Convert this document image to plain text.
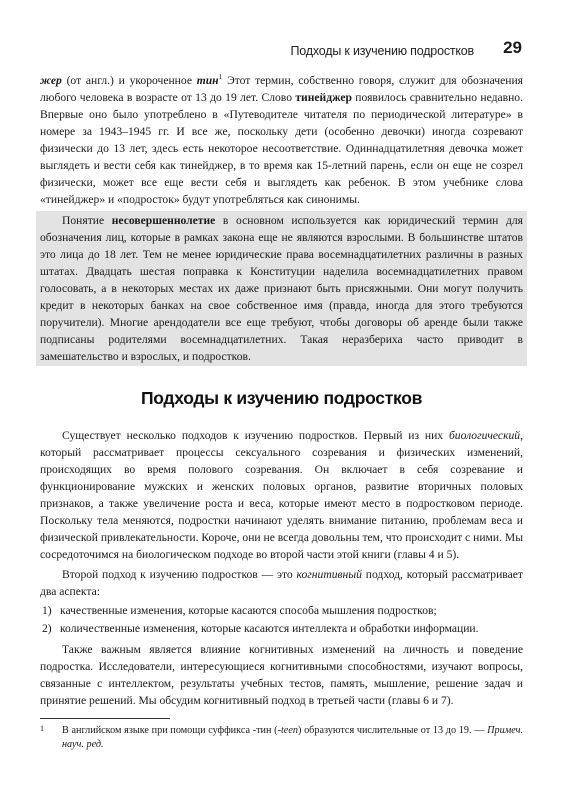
Подходы к изучению подростков 29

жер (от англ.) и укороченное тин$^1$ Этот термин, собственно говоря, служит для обозначения любого человека в возрасте от 13 до 19 лет. Слово тинейджер появилось сравнительно недавно. Впервые оно было употреблено в «Путеводителе читателя по периодической литературе» в номере за 1943–1945 гг. И все же, поскольку дети (особенно девочки) иногда созревают физически до 13 лет, здесь есть некоторое несоответствие. Одиннадцатилетняя девочка может выглядеть и вести себя как тинейджер, в то время как 15-летний парень, если он еще не созрел физически, может все еще вести себя и выглядеть как ребенок. В этом учебнике слова «тинейджер» и «подросток» будут употребляться как синонимы.

Понятие несовершеннолетие в основном используется как юридический термин для обозначения лиц, которые в рамках закона еще не являются взрослыми. В большинстве штатов это лица до 18 лет. Тем не менее юридические права восемнадцатилетних различны в разных штатах. Двадцать шестая поправка к Конституции наделила восемнадцатилетних правом голосовать, а в некоторых местах их даже признают быть присяжными. Они могут получить кредит в некоторых банках на свое собственное имя (правда, иногда для этого требуются поручители). Многие арендодатели все еще требуют, чтобы договоры об аренде были также подписаны родителями восемнадцатилетних. Такая неразбериха часто приводит в замешательство и взрослых, и подростков.

Подходы к изучению подростков

Существует несколько подходов к изучению подростков. Первый из них биологический, который рассматривает процессы сексуального созревания и физических изменений, происходящих во время полового созревания. Он включает в себя созревание и функционирование мужских и женских половых органов, развитие вторичных половых признаков, а также увеличение роста и веса, которые имеют место в подростковом периоде. Поскольку тела меняются, подростки начинают уделять внимание питанию, проблемам веса и физической привлекательности. Короче, они не всегда довольны тем, что происходит с ними. Мы сосредоточимся на биологическом подходе во второй части этой книги (главы 4 и 5).

Второй подход к изучению подростков — это когнитивный подход, который рассматривает два аспекта:

1) качественные изменения, которые касаются способа мышления подростков;
2) количественные изменения, которые касаются интеллекта и обработки информации.

Также важным является влияние когнитивных изменений на личность и поведение подростка. Исследователи, интересующиеся когнитивными способностями, изучают вопросы, связанные с интеллектом, результаты учебных тестов, память, мышление, решение задач и принятие решений. Мы обсудим когнитивный подход в третьей части (главы 6 и 7).

1	В английском языке при помощи суффикса -тин (-teen) образуются числительные от 13 до 19. — Примеч. науч. ред.
